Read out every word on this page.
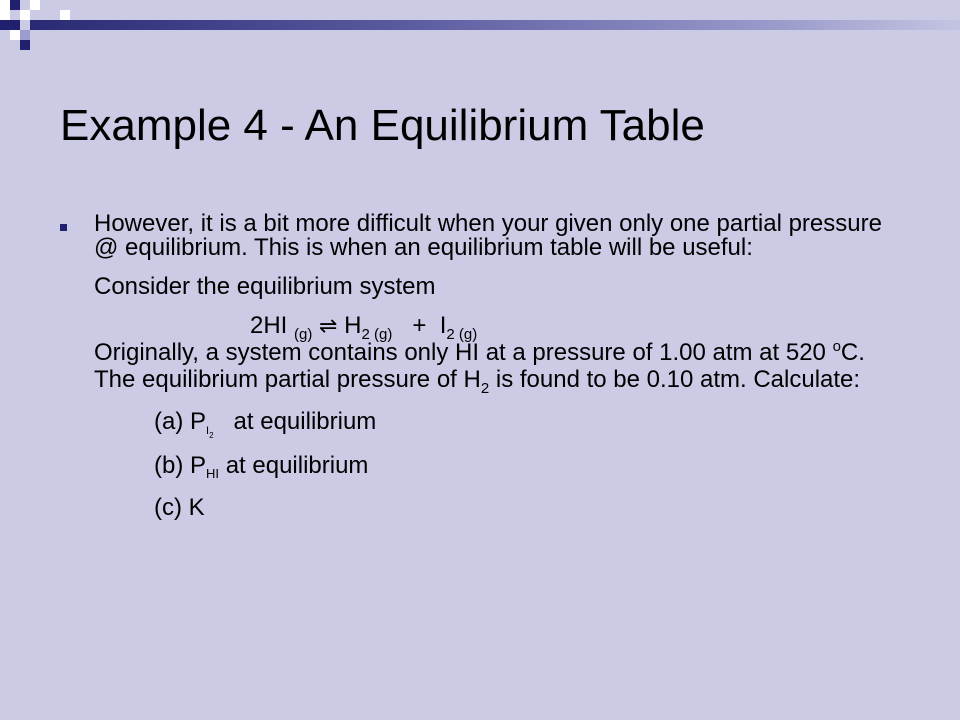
Example 4 - An Equilibrium Table

However, it is a bit more difficult when your given only one partial pressure @ equilibrium. This is when an equilibrium table will be useful:

Consider the equilibrium system

2HI $_{(g)}$ ⇌ $H_{2 (g)} + I_{2 (g)}$

Originally, a system contains only HI at a pressure of 1.00 atm at 520 $^o$C. The equilibrium partial pressure of $H_2$ is found to be 0.10 atm. Calculate:

(a) $P_{I2}$   at equilibrium

(b) $P_{HI}$ at equilibrium

(c) K
